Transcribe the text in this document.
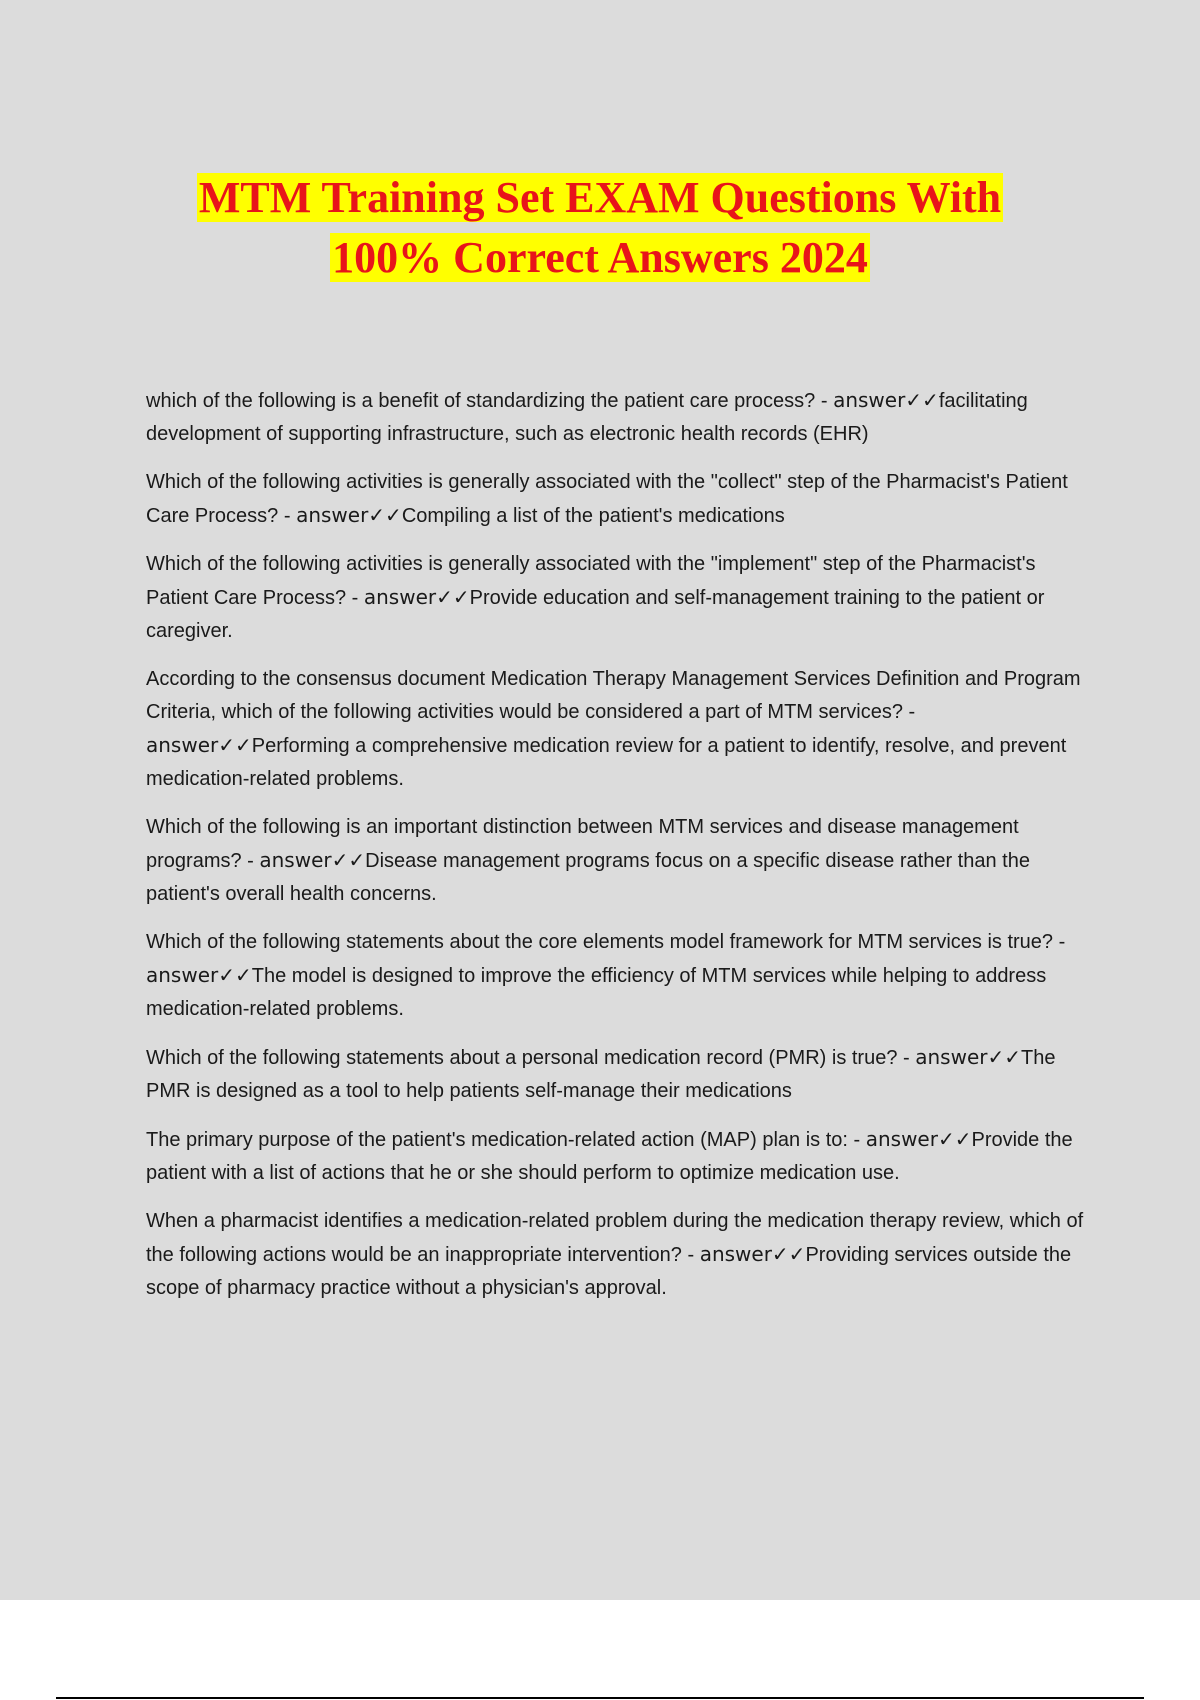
MTM Training Set EXAM Questions With
100% Correct Answers 2024

which of the following is a benefit of standardizing the patient care process? - answer✓✓facilitating development of supporting infrastructure, such as electronic health records (EHR)

Which of the following activities is generally associated with the "collect" step of the Pharmacist's Patient Care Process? - answer✓✓Compiling a list of the patient's medications

Which of the following activities is generally associated with the "implement" step of the Pharmacist's Patient Care Process? - answer✓✓Provide education and self-management training to the patient or caregiver.

According to the consensus document Medication Therapy Management Services Definition and Program Criteria, which of the following activities would be considered a part of MTM services? - answer✓✓Performing a comprehensive medication review for a patient to identify, resolve, and prevent medication-related problems.

Which of the following is an important distinction between MTM services and disease management programs? - answer✓✓Disease management programs focus on a specific disease rather than the patient's overall health concerns.

Which of the following statements about the core elements model framework for MTM services is true? - answer✓✓The model is designed to improve the efficiency of MTM services while helping to address medication-related problems.

Which of the following statements about a personal medication record (PMR) is true? - answer✓✓The PMR is designed as a tool to help patients self-manage their medications

The primary purpose of the patient's medication-related action (MAP) plan is to: - answer✓✓Provide the patient with a list of actions that he or she should perform to optimize medication use.

When a pharmacist identifies a medication-related problem during the medication therapy review, which of the following actions would be an inappropriate intervention? - answer✓✓Providing services outside the scope of pharmacy practice without a physician's approval.
